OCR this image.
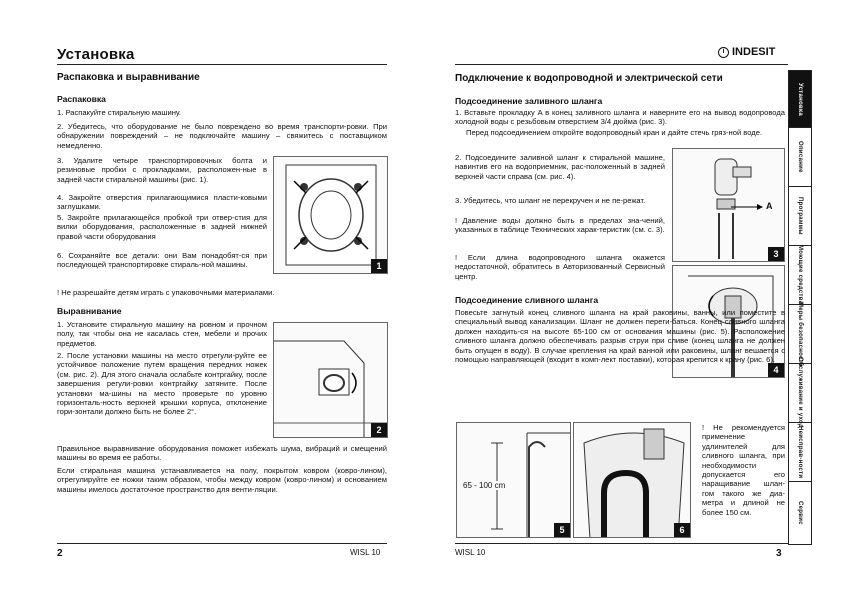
Установка
Распаковка и выравнивание
Распаковка
1. Распакуйте стиральную машину.
2. Убедитесь, что оборудование не было повреждено во время транспорти-ровки. При обнаружении повреждений – не подключайте машину – свяжитесь с поставщиком немедленно.
3. Удалите четыре транспортировочных болта и резиновые пробки с прокладками, расположен-ные в задней части стиральной машины (рис. 1).
4. Закройте отверстия прилагающимися пласти-ковыми заглушками.
5. Закройте прилагающейся пробкой три отвер-стия для вилки оборудования, расположенные в задней нижней правой части оборудования
6. Сохраняйте все детали: они Вам понадобят-ся при последующей транспортировке стираль-ной машины.
! Не разрешайте детям играть с упаковочными материалами.
1
Выравнивание
1. Установите стиральную машину на ровном и прочном полу, так чтобы она не касалась стен, мебели и прочих предметов.
2. После установки машины на место отрегули-руйте ее устойчивое положение путем вращения передних ножек (см. рис. 2). Для этого сначала ослабьте контргайку, после завершения регули-ровки контргайку затяните. После установки ма-шины на место проверьте по уровню горизонталь-ность верхней крышки корпуса, отклонение гори-зонтали должно быть не более 2°.
Правильное выравнивание оборудования поможет избежать шума, вибраций и смещений машины во время ее работы.
Если стиральная машина устанавливается на полу, покрытом ковром (ковро-лином), отрегулируйте ее ножки таким образом, чтобы между ковром (ковро-лином) и основанием машины имелось достаточное пространство для венти-ляции.
2
2	WISL 10
i INDESIT
Подключение к водопроводной и электрической сети
Подсоединение заливного шланга
1. Вставьте прокладку A в конец заливного шланга и наверните его на вывод водопровода холодной воды с резьбовым отверстием 3/4 дюйма (рис. 3).
Перед подсоединением откройте водопроводный кран и дайте стечь гряз-ной воде.
2. Подсоедините заливной шланг к стиральной машине, навинтив его на водоприемник, рас-положенный в задней верхней части справа (см. рис. 4).
3. Убедитесь, что шланг не перекручен и не пе-режат.
! Давление воды должно быть в пределах зна-чений, указанных в таблице Технических харак-теристик (см. с. 3).
! Если длина водопроводного шланга окажется недостаточной, обратитесь в Авторизованный Сервисный центр.
A
3
4
Подсоединение сливного шланга
Повесьте загнутый конец сливного шланга на край раковины, ванны, или поместите в специальный вывод канализации. Шланг не должен переги-баться. Конец сливного шланга должен находить-ся на высоте 65-100 см от основания машины (рис. 5). Расположение сливного шланга должно обеспечивать разрыв струи при сливе (конец шланга не должен быть опущен в воду). В случае крепления на край ванной или раковины, шланг вешается с помощью направляющей (входит в комп-лект поставки), которая крепится к крану (рис. 6).
! Не рекомендуется применение удлинителей для сливного шланга, при необходимости допускается его наращивание шлан-гом такого же диа-метра и длиной не более 150 см.
65 - 100 cm
5	6
Установка
Описание
Программы
Моющие средства
Меры безопасности
Обслуживание и уход
Неисправ-ности
Сервис
WISL 10	3
